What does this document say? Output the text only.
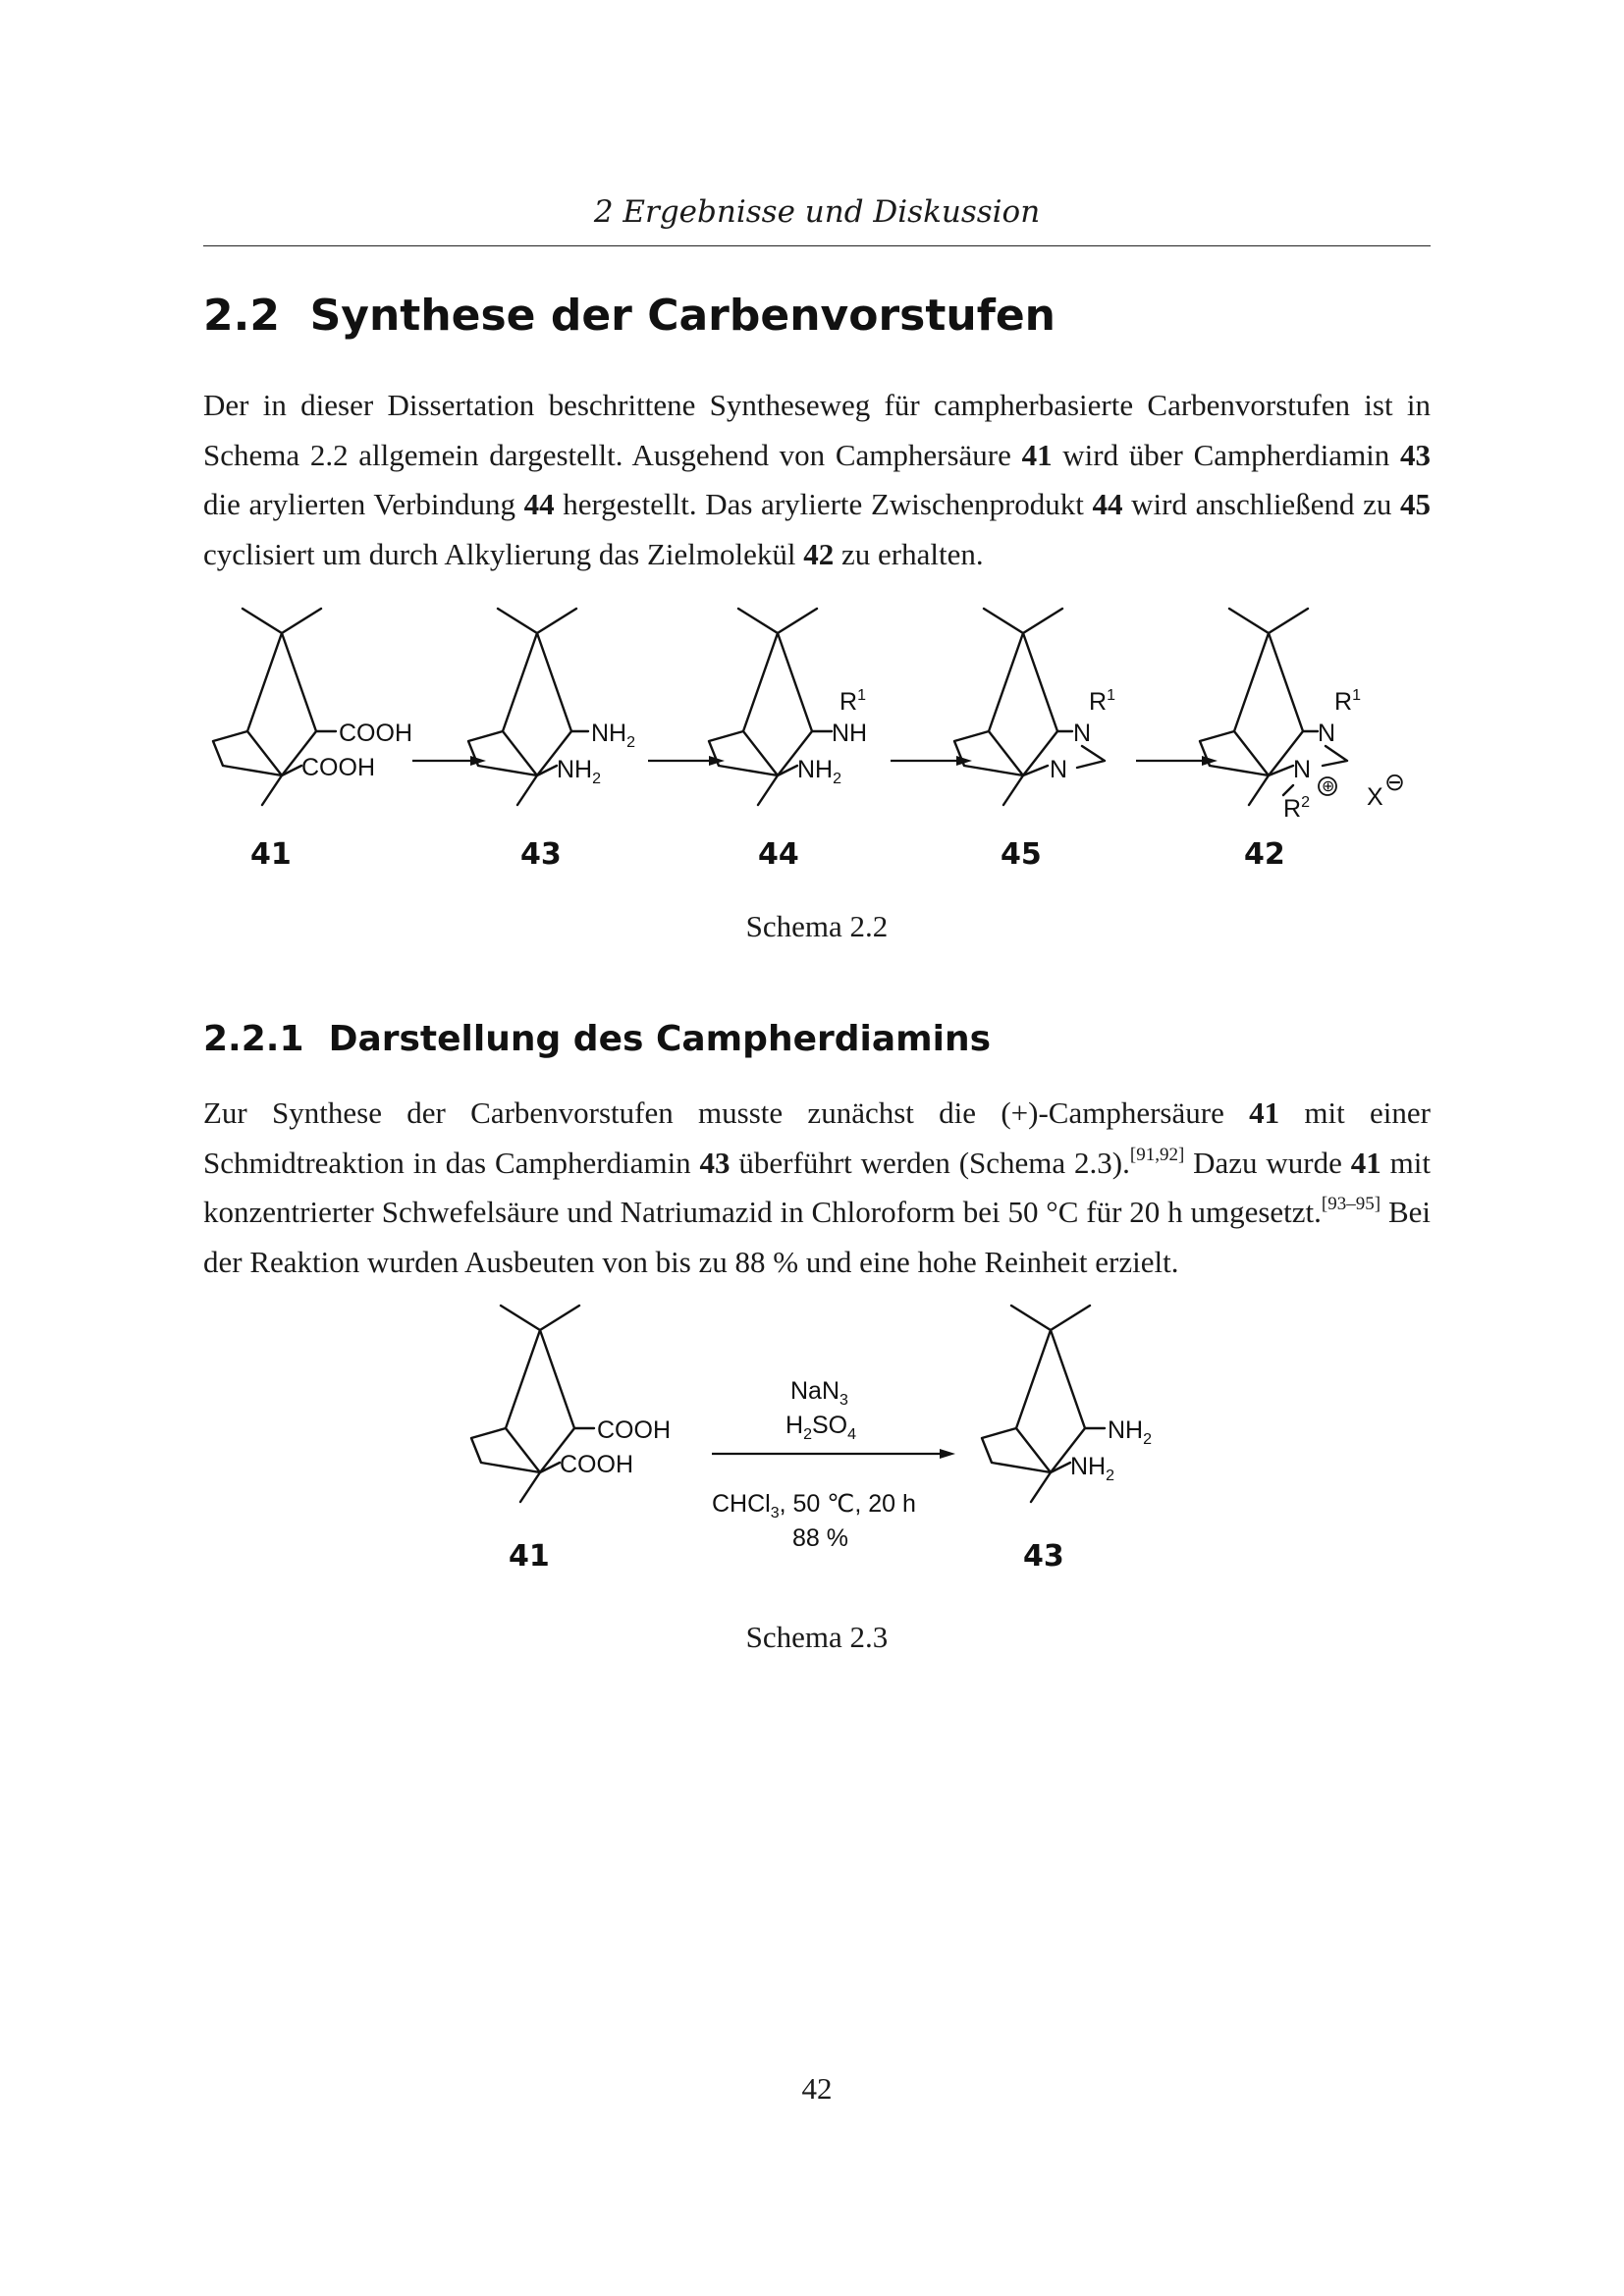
2 Ergebnisse und Diskussion
2.2 Synthese der Carbenvorstufen

Der in dieser Dissertation beschrittene Syntheseweg für campherbasierte Carbenvorstufen ist in Schema 2.2 allgemein dargestellt. Ausgehend von Camphersäure 41 wird über Campherdiamin 43 die arylierten Verbindung 44 hergestellt. Das arylierte Zwischenprodukt 44 wird anschließend zu 45 cyclisiert um durch Alkylierung das Zielmolekül 42 zu erhalten.

COOH
COOH
41
$NH_2$
$NH_2$
43
$R^1$
NH
$NH_2$
44
$R^1$
N
N
45
$R^1$
N
N
⊕
$R^2$ X
⊖
42
Schema 2.2
2.2.1 Darstellung des Campherdiamins

Zur Synthese der Carbenvorstufen musste zunächst die (+)-Camphersäure 41 mit einer Schmidtreaktion in das Campherdiamin 43 überführt werden (Schema 2.3).[91,92] Dazu wurde 41 mit konzentrierter Schwefelsäure und Natriumazid in Chloroform bei 50 °C für 20 h umgesetzt.[93–95] Bei der Reaktion wurden Ausbeuten von bis zu 88 % und eine hohe Reinheit erzielt.

COOH
COOH
41
NaN$_3$
$H_2SO_4$
CHCl$_3$, 50 ℃, 20 h
88 %
$NH_2$
$NH_2$
43
Schema 2.3
42
